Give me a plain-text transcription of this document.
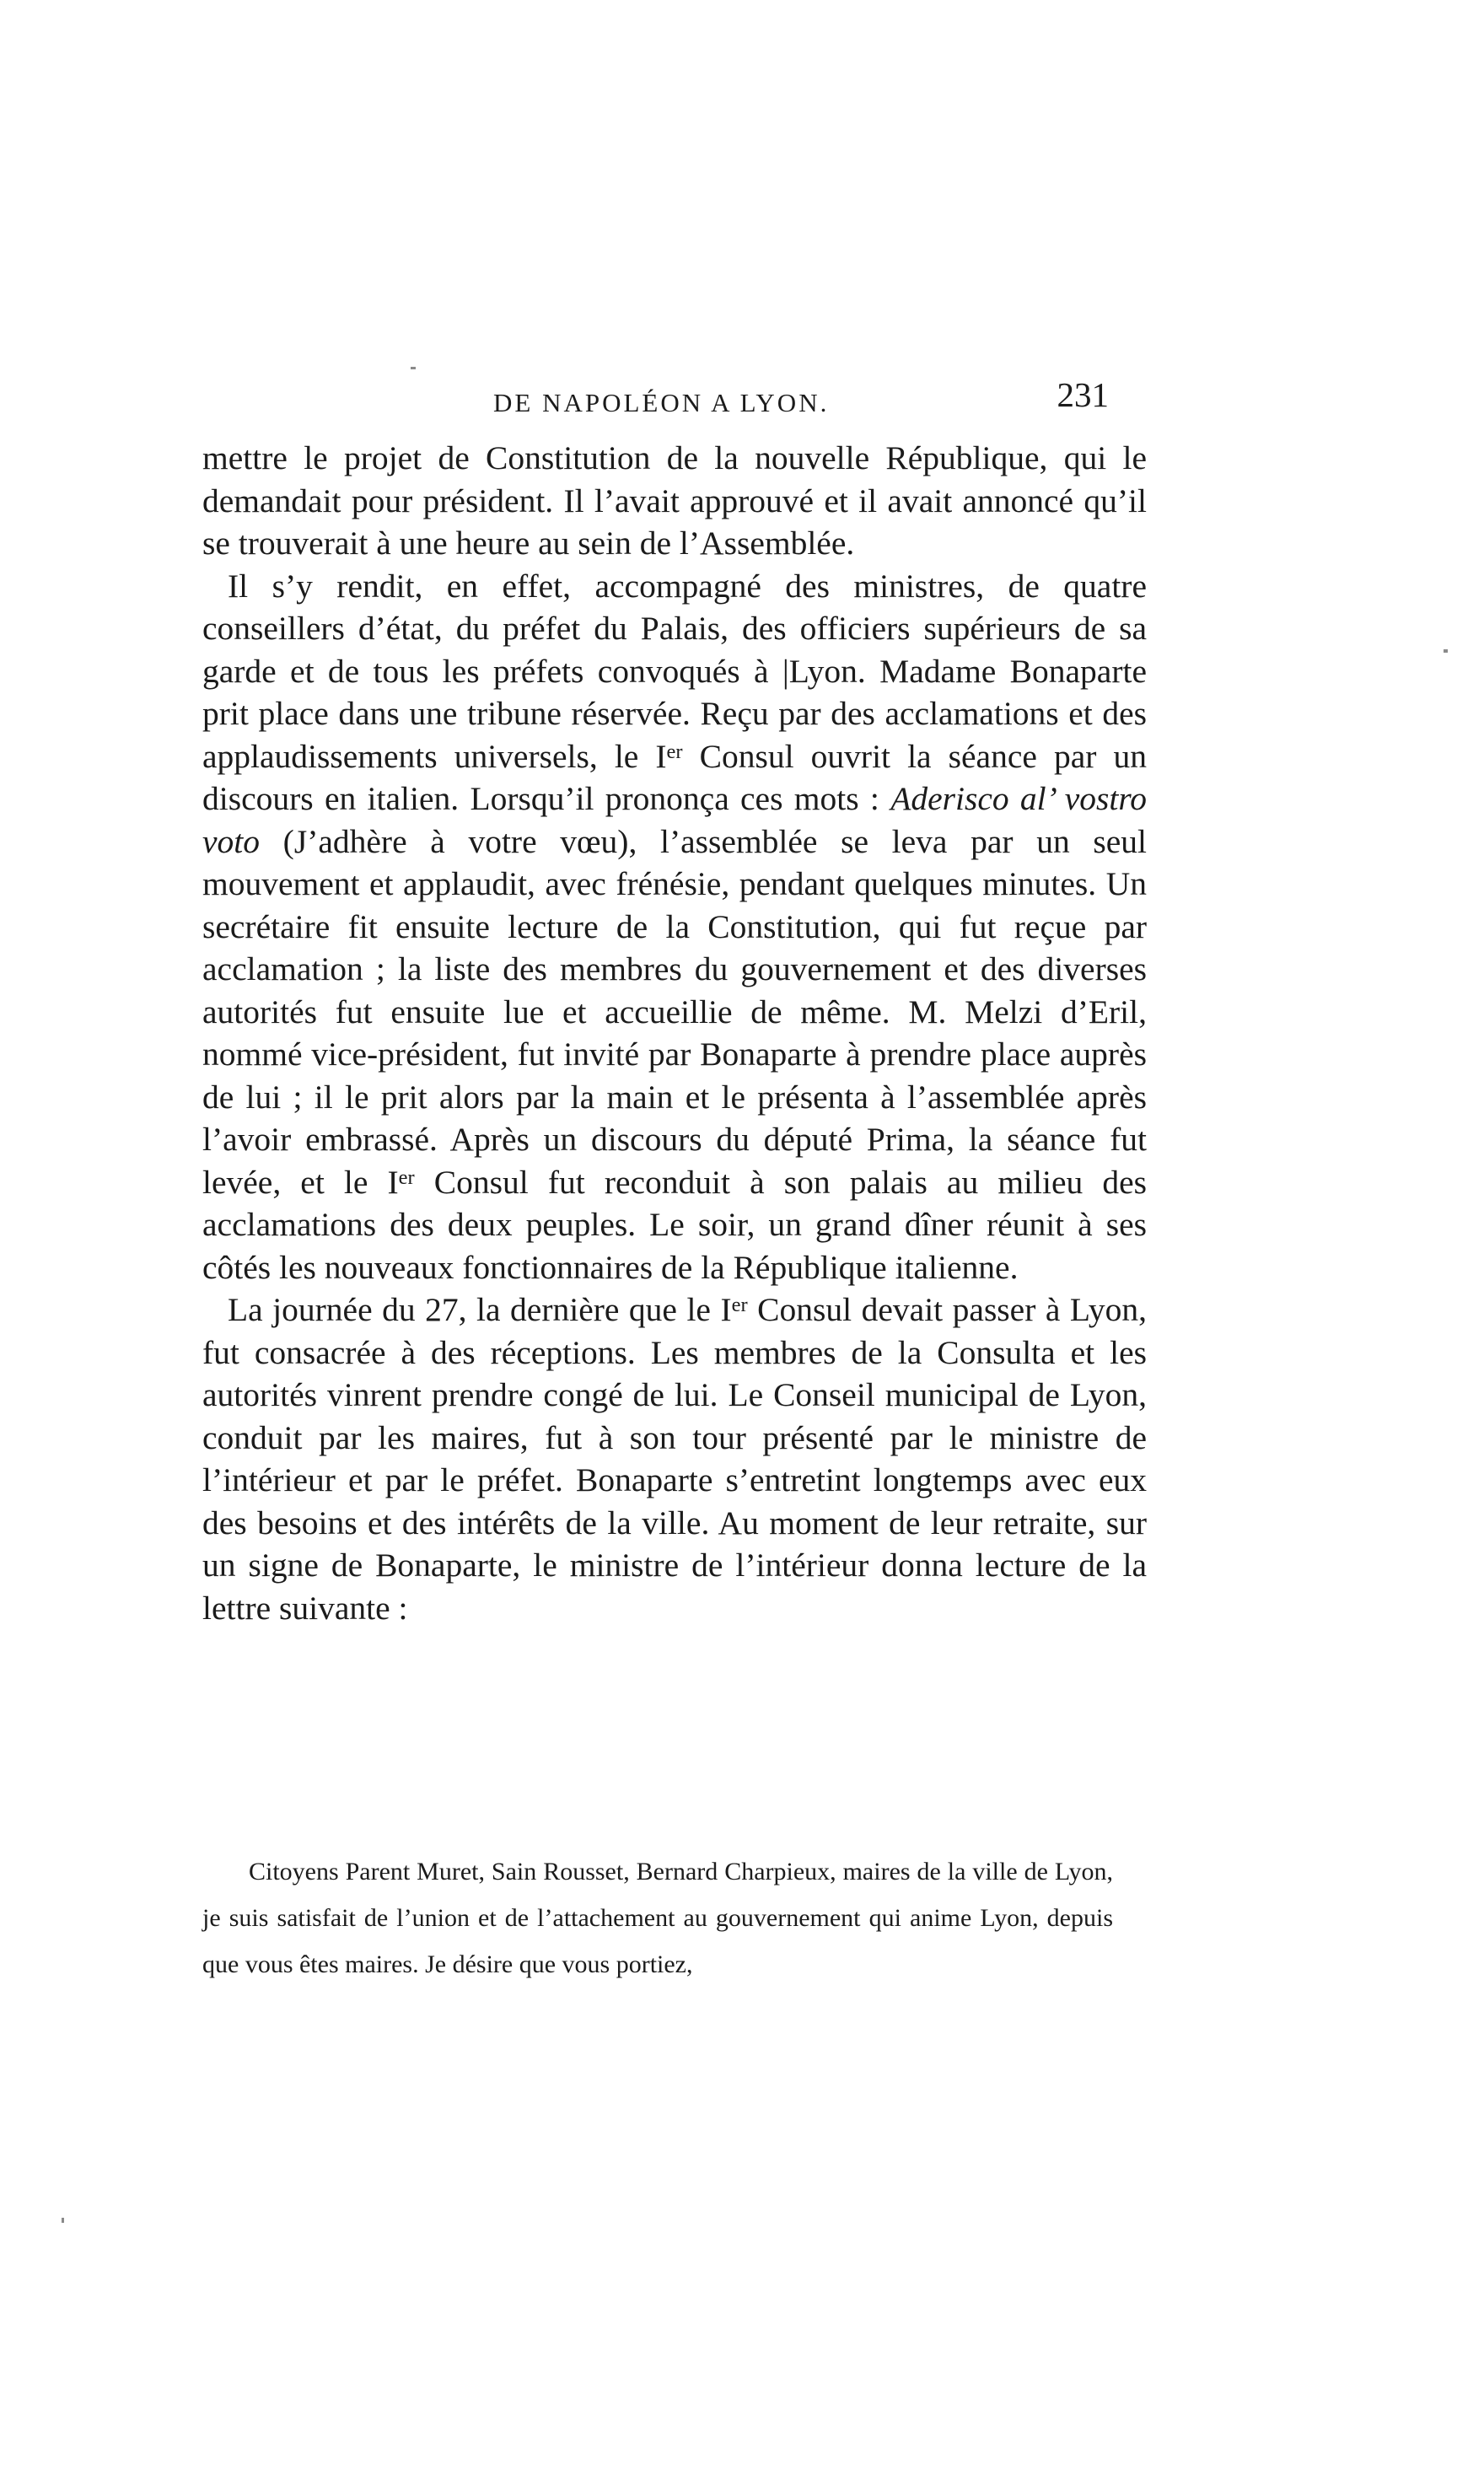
DE NAPOLÉON A LYON.	231

mettre le projet de Constitution de la nouvelle République, qui le demandait pour président. Il l’avait approuvé et il avait annoncé qu’il se trouverait à une heure au sein de l’Assemblée.

Il s’y rendit, en effet, accompagné des ministres, de quatre conseillers d’état, du préfet du Palais, des officiers supérieurs de sa garde et de tous les préfets convoqués à |Lyon. Madame Bonaparte prit place dans une tribune réservée. Reçu par des acclamations et des applaudissements universels, le Ier Consul ouvrit la séance par un discours en italien. Lorsqu’il prononça ces mots : Aderisco al’ vostro voto (J’adhère à votre vœu), l’assemblée se leva par un seul mouvement et applaudit, avec frénésie, pendant quelques minutes. Un secrétaire fit ensuite lecture de la Constitution, qui fut reçue par acclamation ; la liste des membres du gouvernement et des diverses autorités fut ensuite lue et accueillie de même. M. Melzi d’Eril, nommé vice-président, fut invité par Bonaparte à prendre place auprès de lui ; il le prit alors par la main et le présenta à l’assemblée après l’avoir embrassé. Après un discours du député Prima, la séance fut levée, et le Ier Consul fut reconduit à son palais au milieu des acclamations des deux peuples. Le soir, un grand dîner réunit à ses côtés les nouveaux fonctionnaires de la République italienne.

La journée du 27, la dernière que le Ier Consul devait passer à Lyon, fut consacrée à des réceptions. Les membres de la Consulta et les autorités vinrent prendre congé de lui. Le Conseil municipal de Lyon, conduit par les maires, fut à son tour présenté par le ministre de l’intérieur et par le préfet. Bonaparte s’entretint longtemps avec eux des besoins et des intérêts de la ville. Au moment de leur retraite, sur un signe de Bonaparte, le ministre de l’intérieur donna lecture de la lettre suivante :

Citoyens Parent Muret, Sain Rousset, Bernard Charpieux, maires de la ville de Lyon, je suis satisfait de l’union et de l’attachement au gouvernement qui anime Lyon, depuis que vous êtes maires. Je désire que vous portiez,
